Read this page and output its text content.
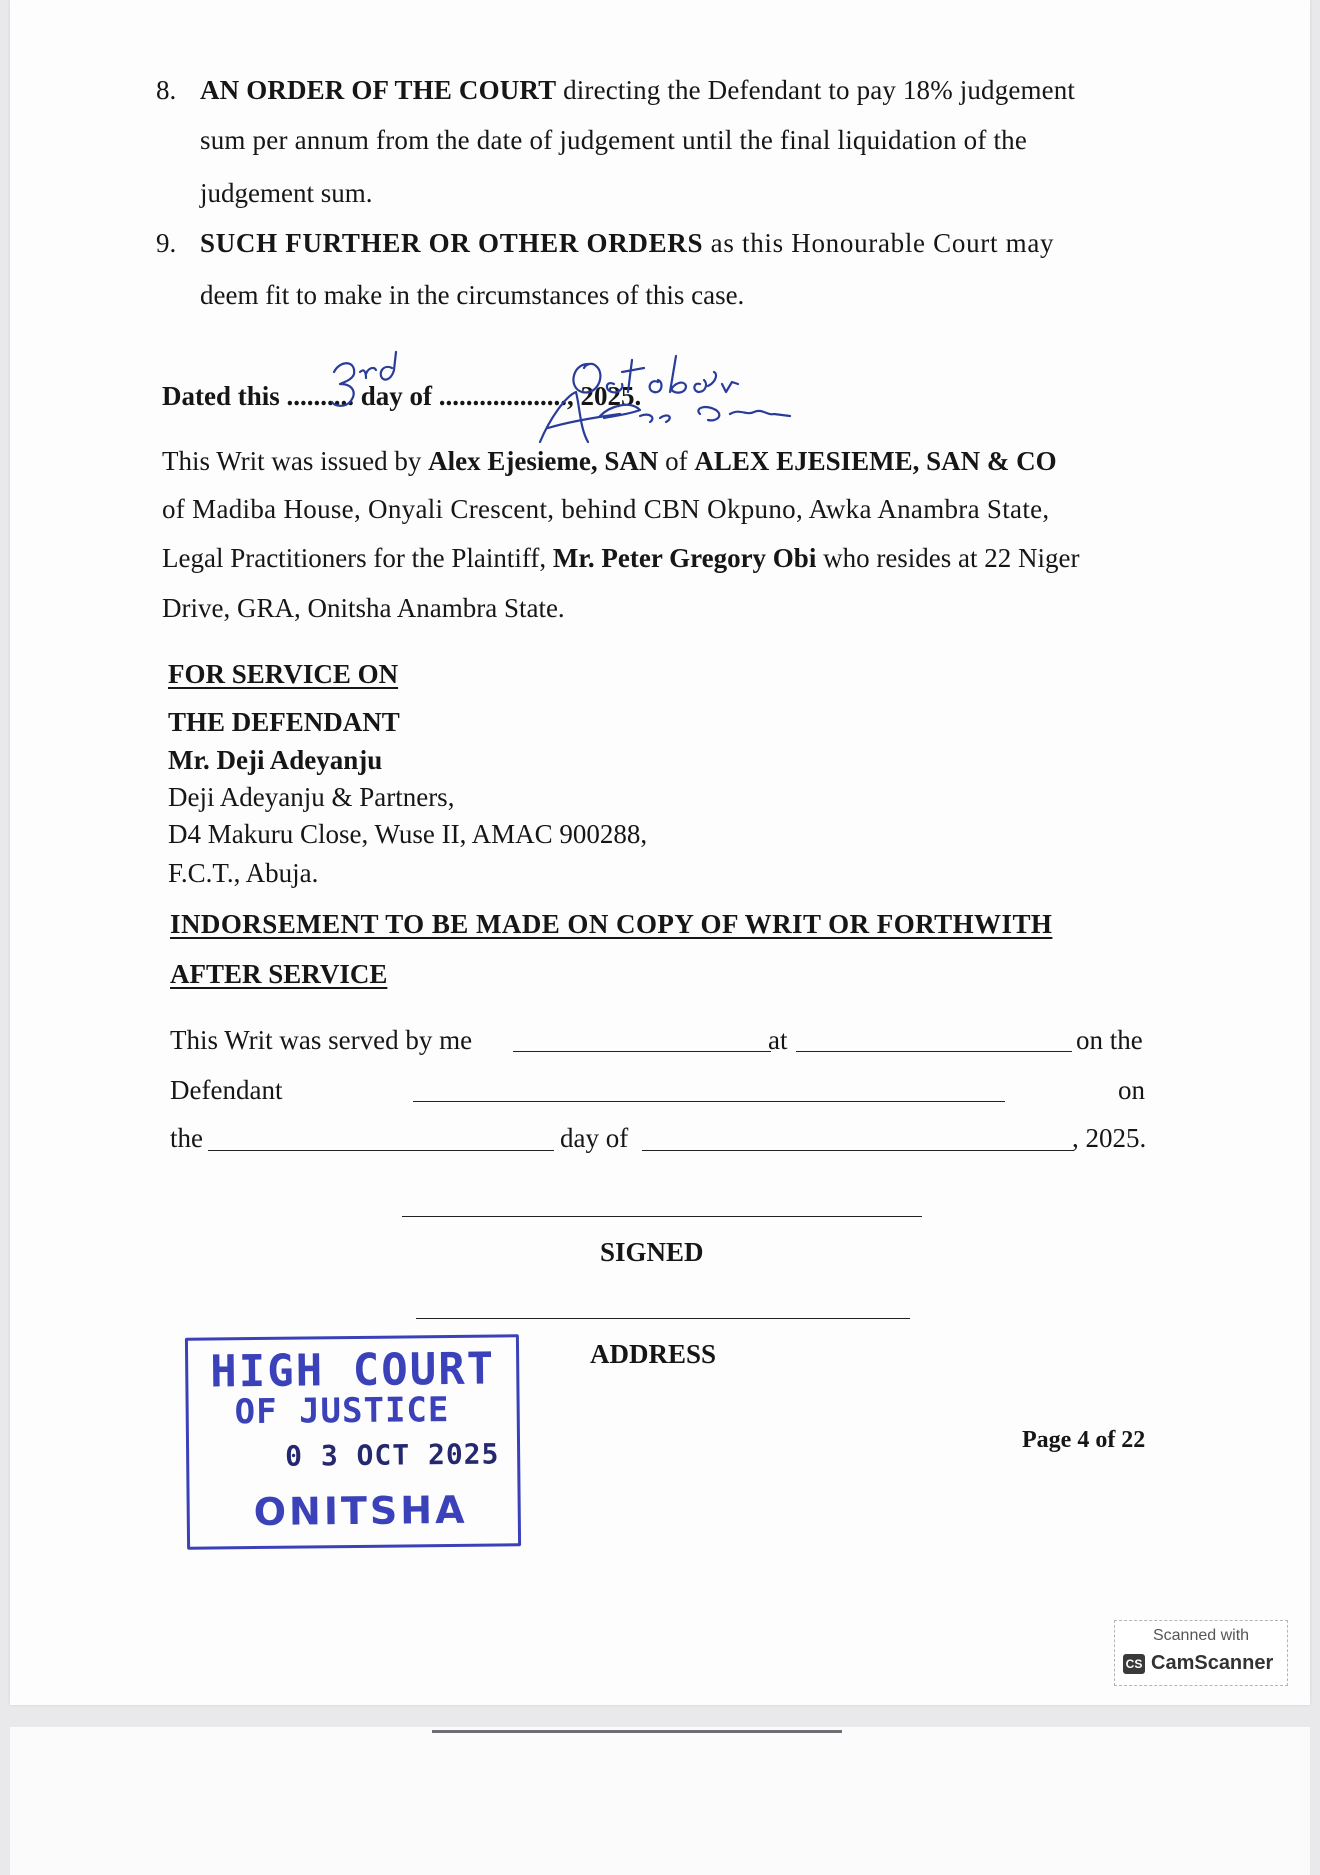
8. AN ORDER OF THE COURT directing the Defendant to pay 18% judgement
sum per annum from the date of judgement until the final liquidation of the
judgement sum.
9. SUCH FURTHER OR OTHER ORDERS as this Honourable Court may
deem fit to make in the circumstances of this case.
Dated this .......... day of ..................., 2025.
This Writ was issued by Alex Ejesieme, SAN of ALEX EJESIEME, SAN & CO
of Madiba House, Onyali Crescent, behind CBN Okpuno, Awka Anambra State,
Legal Practitioners for the Plaintiff, Mr. Peter Gregory Obi who resides at 22 Niger
Drive, GRA, Onitsha Anambra State.
FOR SERVICE ON
THE DEFENDANT
Mr. Deji Adeyanju
Deji Adeyanju & Partners,
D4 Makuru Close, Wuse II, AMAC 900288,
F.C.T., Abuja.
INDORSEMENT TO BE MADE ON COPY OF WRIT OR FORTHWITH
AFTER SERVICE
This Writ was served by me	at	on the
Defendant	on
the	day of	, 2025.
SIGNED
ADDRESS
Page 4 of 22
HIGH COURT
OF JUSTICE
0 3 OCT 2025
ONITSHA
Scanned with
CS CamScanner
